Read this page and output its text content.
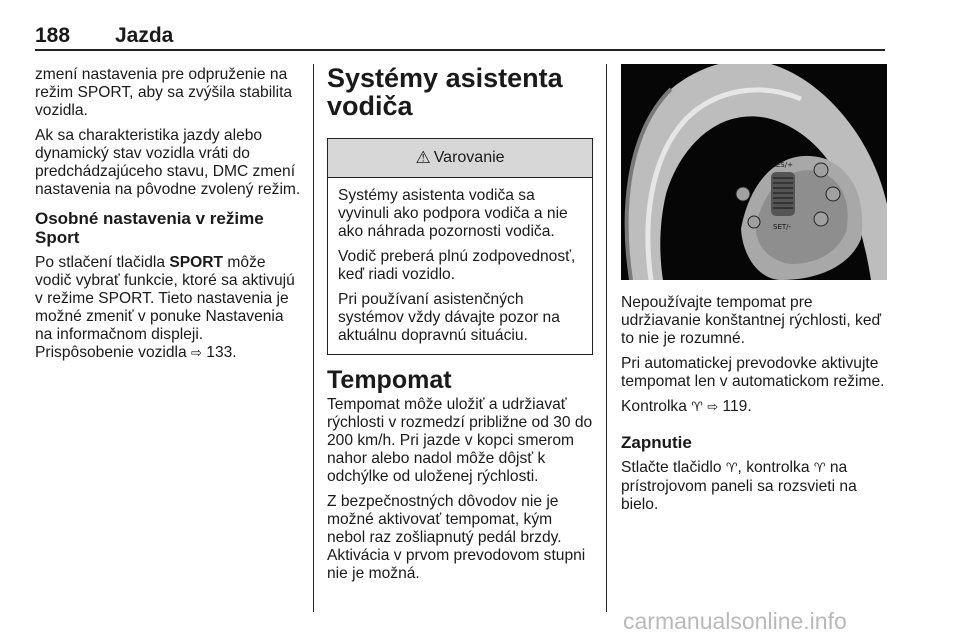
188 Jazda

zmení nastavenia pre odpruženie na režim SPORT, aby sa zvýšila stabilita vozidla.

Ak sa charakteristika jazdy alebo dynamický stav vozidla vráti do predchádzajúceho stavu, DMC zmení nastavenia na pôvodne zvolený režim.

Osobné nastavenia v režime Sport

Po stlačení tlačidla SPORT môže vodič vybrať funkcie, ktoré sa aktivujú v režime SPORT. Tieto nastavenia je možné zmeniť v ponuke Nastavenia na informačnom displeji.

Prispôsobenie vozidla ⇨ 133.

Systémy asistenta vodiča
⚠ Varovanie

Systémy asistenta vodiča sa vyvinuli ako podpora vodiča a nie ako náhrada pozornosti vodiča.

Vodič preberá plnú zodpovednosť, keď riadi vozidlo.

Pri používaní asistenčných systémov vždy dávajte pozor na aktuálnu dopravnú situáciu.

Tempomat

Tempomat môže uložiť a udržiavať rýchlosti v rozmedzí približne od 30 do 200 km/h. Pri jazde v kopci smerom nahor alebo nadol môže dôjsť k odchýlke od uloženej rýchlosti.

Z bezpečnostných dôvodov nie je možné aktivovať tempomat, kým nebol raz zošliapnutý pedál brzdy.

Aktivácia v prvom prevodovom stupni nie je možná.

RES/+
SET/-

Nepoužívajte tempomat pre udržiavanie konštantnej rýchlosti, keď to nie je rozumné.

Pri automatickej prevodovke aktivujte tempomat len v automatickom režime.

Kontrolka ♈ ⇨ 119.

Zapnutie

Stlačte tlačidlo ♈, kontrolka ♈ na prístrojovom paneli sa rozsvieti na bielo.

carmanualsonline.info
